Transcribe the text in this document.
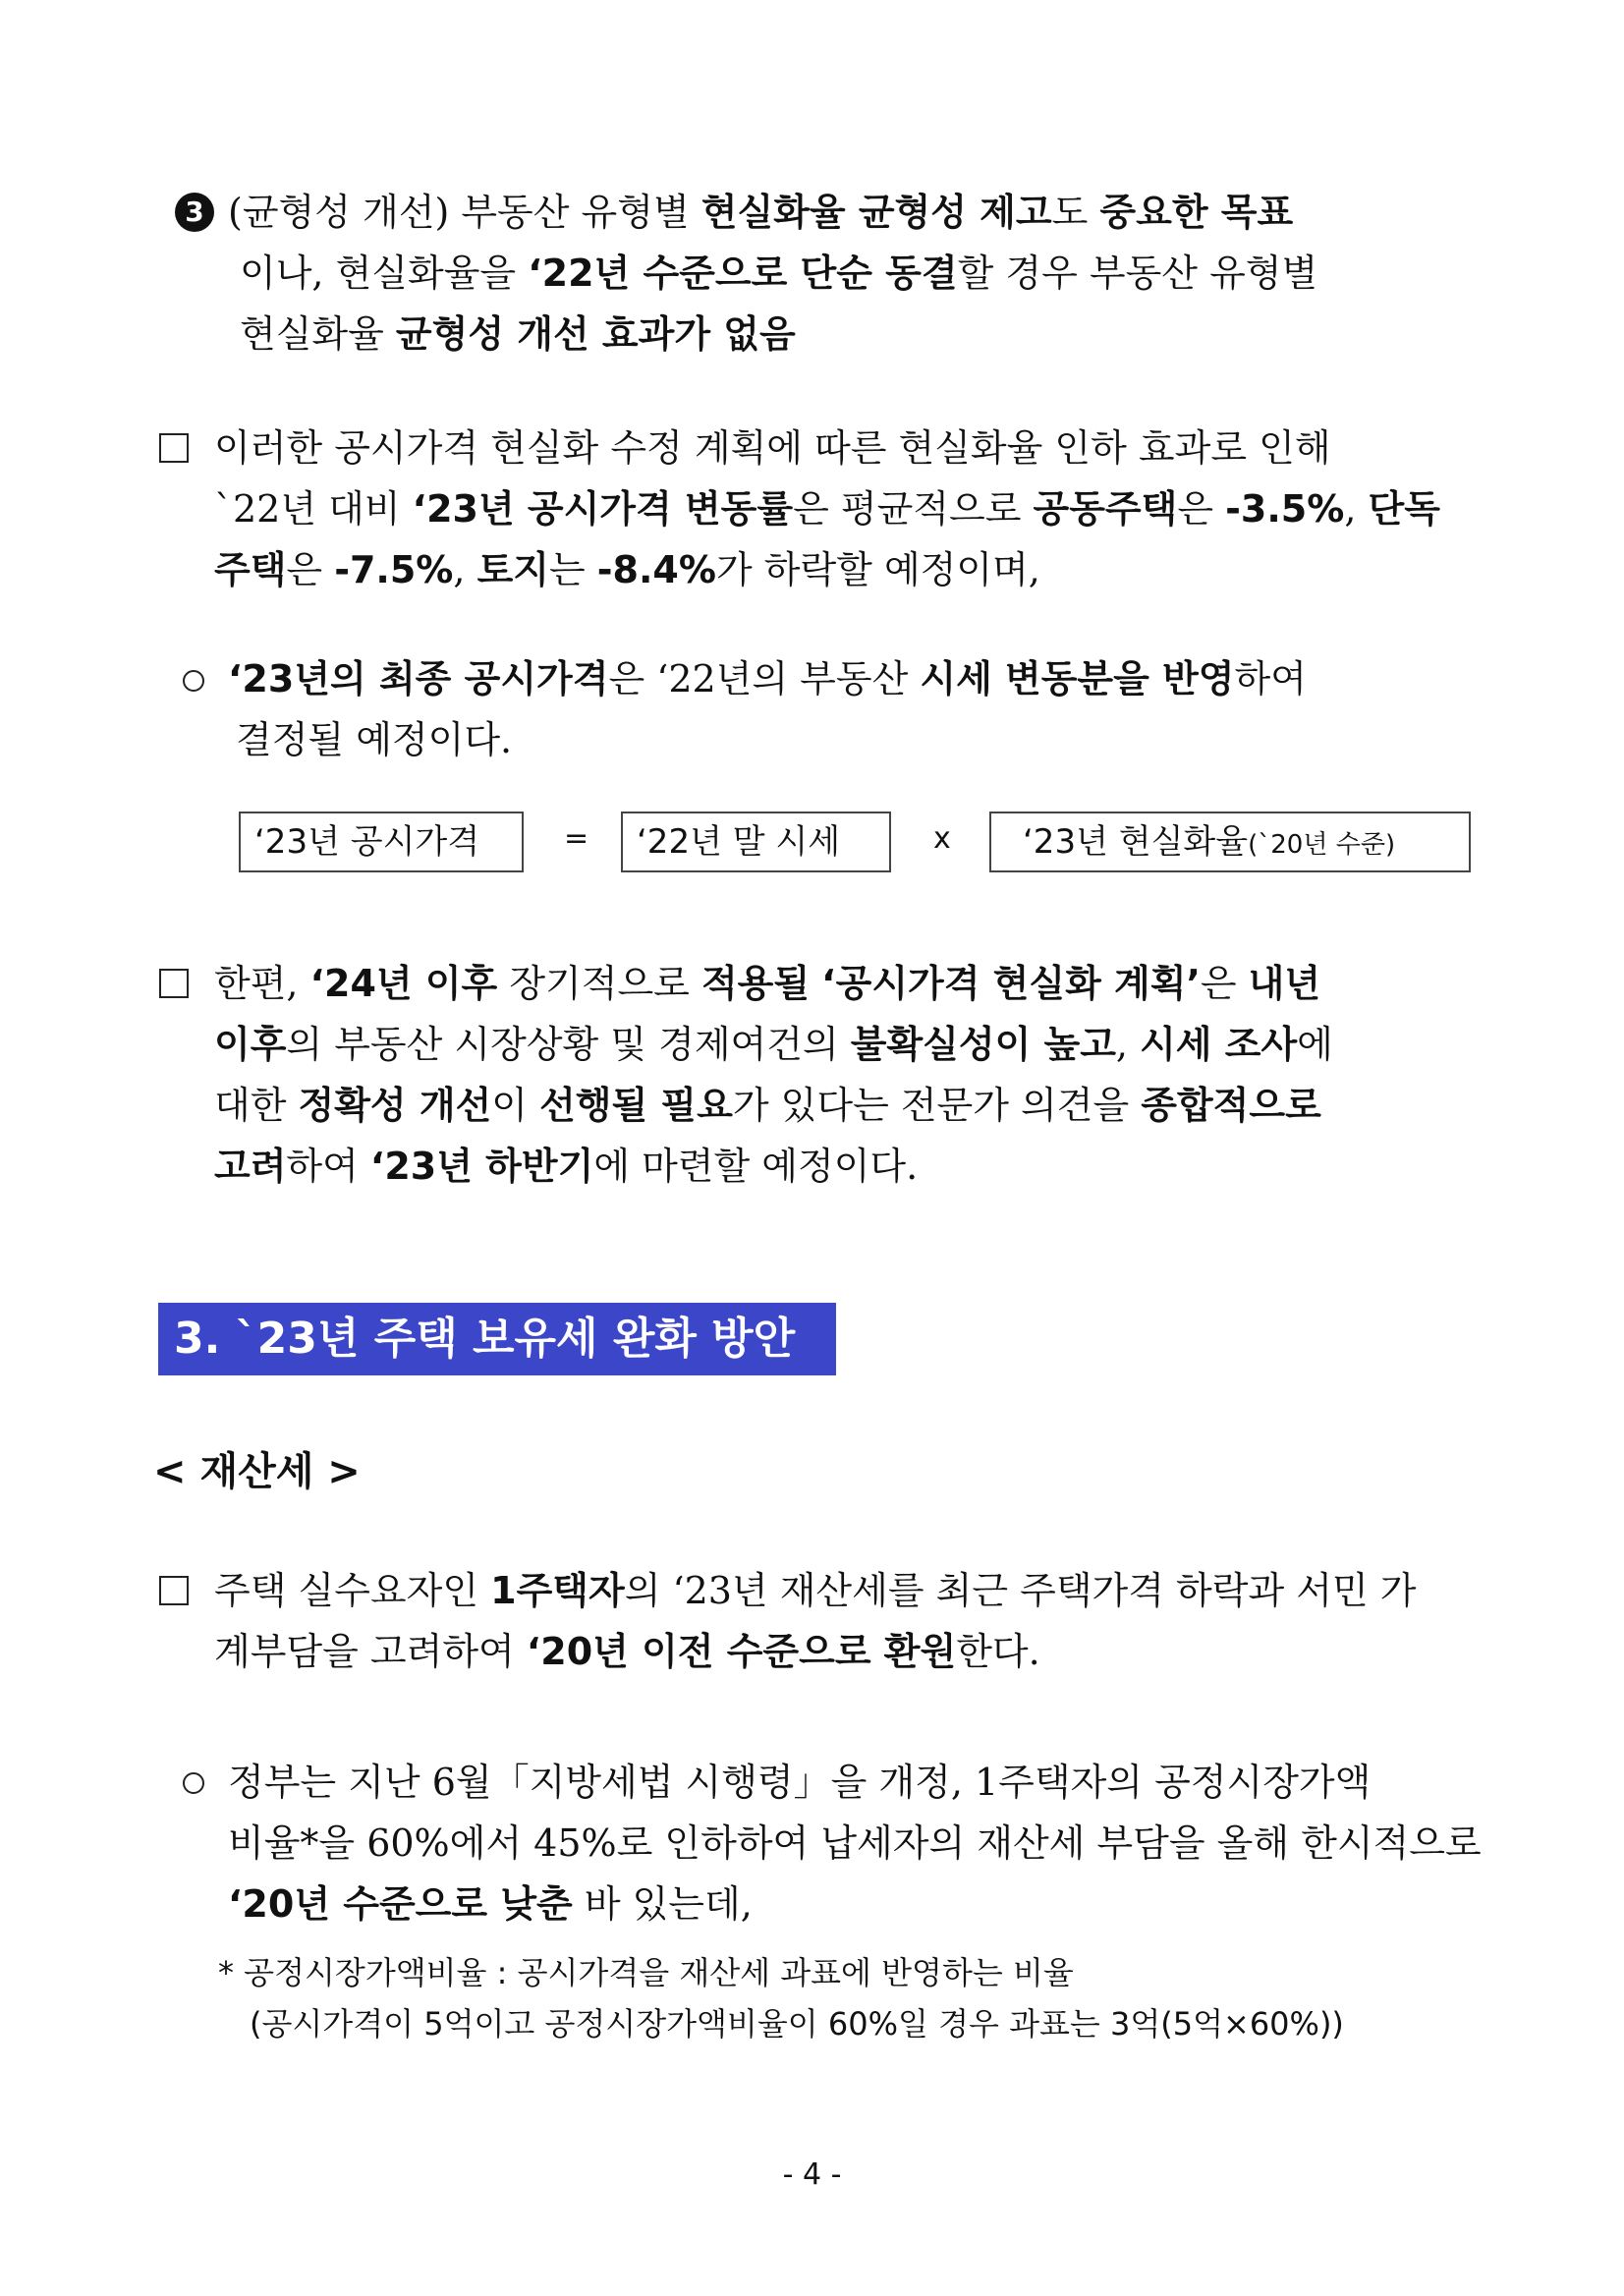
3 (균형성 개선) 부동산 유형별 현실화율 균형성 제고도 중요한 목표
이나, 현실화율을 ‘22년 수준으로 단순 동결할 경우 부동산 유형별
현실화율 균형성 개선 효과가 없음
이러한 공시가격 현실화 수정 계획에 따른 현실화율 인하 효과로 인해
`22년 대비 ‘23년 공시가격 변동률은 평균적으로 공동주택은 -3.5%, 단독
주택은 -7.5%, 토지는 -8.4%가 하락할 예정이며,
‘23년의 최종 공시가격은 ‘22년의 부동산 시세 변동분을 반영하여
결정될 예정이다.
‘23년 공시가격	=	‘22년 말 시세	x	‘23년 현실화율(`20년 수준)
한편, ‘24년 이후 장기적으로 적용될 ‘공시가격 현실화 계획’은 내년
이후의 부동산 시장상황 및 경제여건의 불확실성이 높고, 시세 조사에
대한 정확성 개선이 선행될 필요가 있다는 전문가 의견을 종합적으로
고려하여 ‘23년 하반기에 마련할 예정이다.
3. `23년 주택 보유세 완화 방안
< 재산세 >
주택 실수요자인 1주택자의 ‘23년 재산세를 최근 주택가격 하락과 서민 가
계부담을 고려하여 ‘20년 이전 수준으로 환원한다.
정부는 지난 6월「지방세법 시행령」을 개정, 1주택자의 공정시장가액
비율*을 60%에서 45%로 인하하여 납세자의 재산세 부담을 올해 한시적으로
‘20년 수준으로 낮춘 바 있는데,
* 공정시장가액비율 : 공시가격을 재산세 과표에 반영하는 비율
(공시가격이 5억이고 공정시장가액비율이 60%일 경우 과표는 3억(5억×60%))
- 4 -
